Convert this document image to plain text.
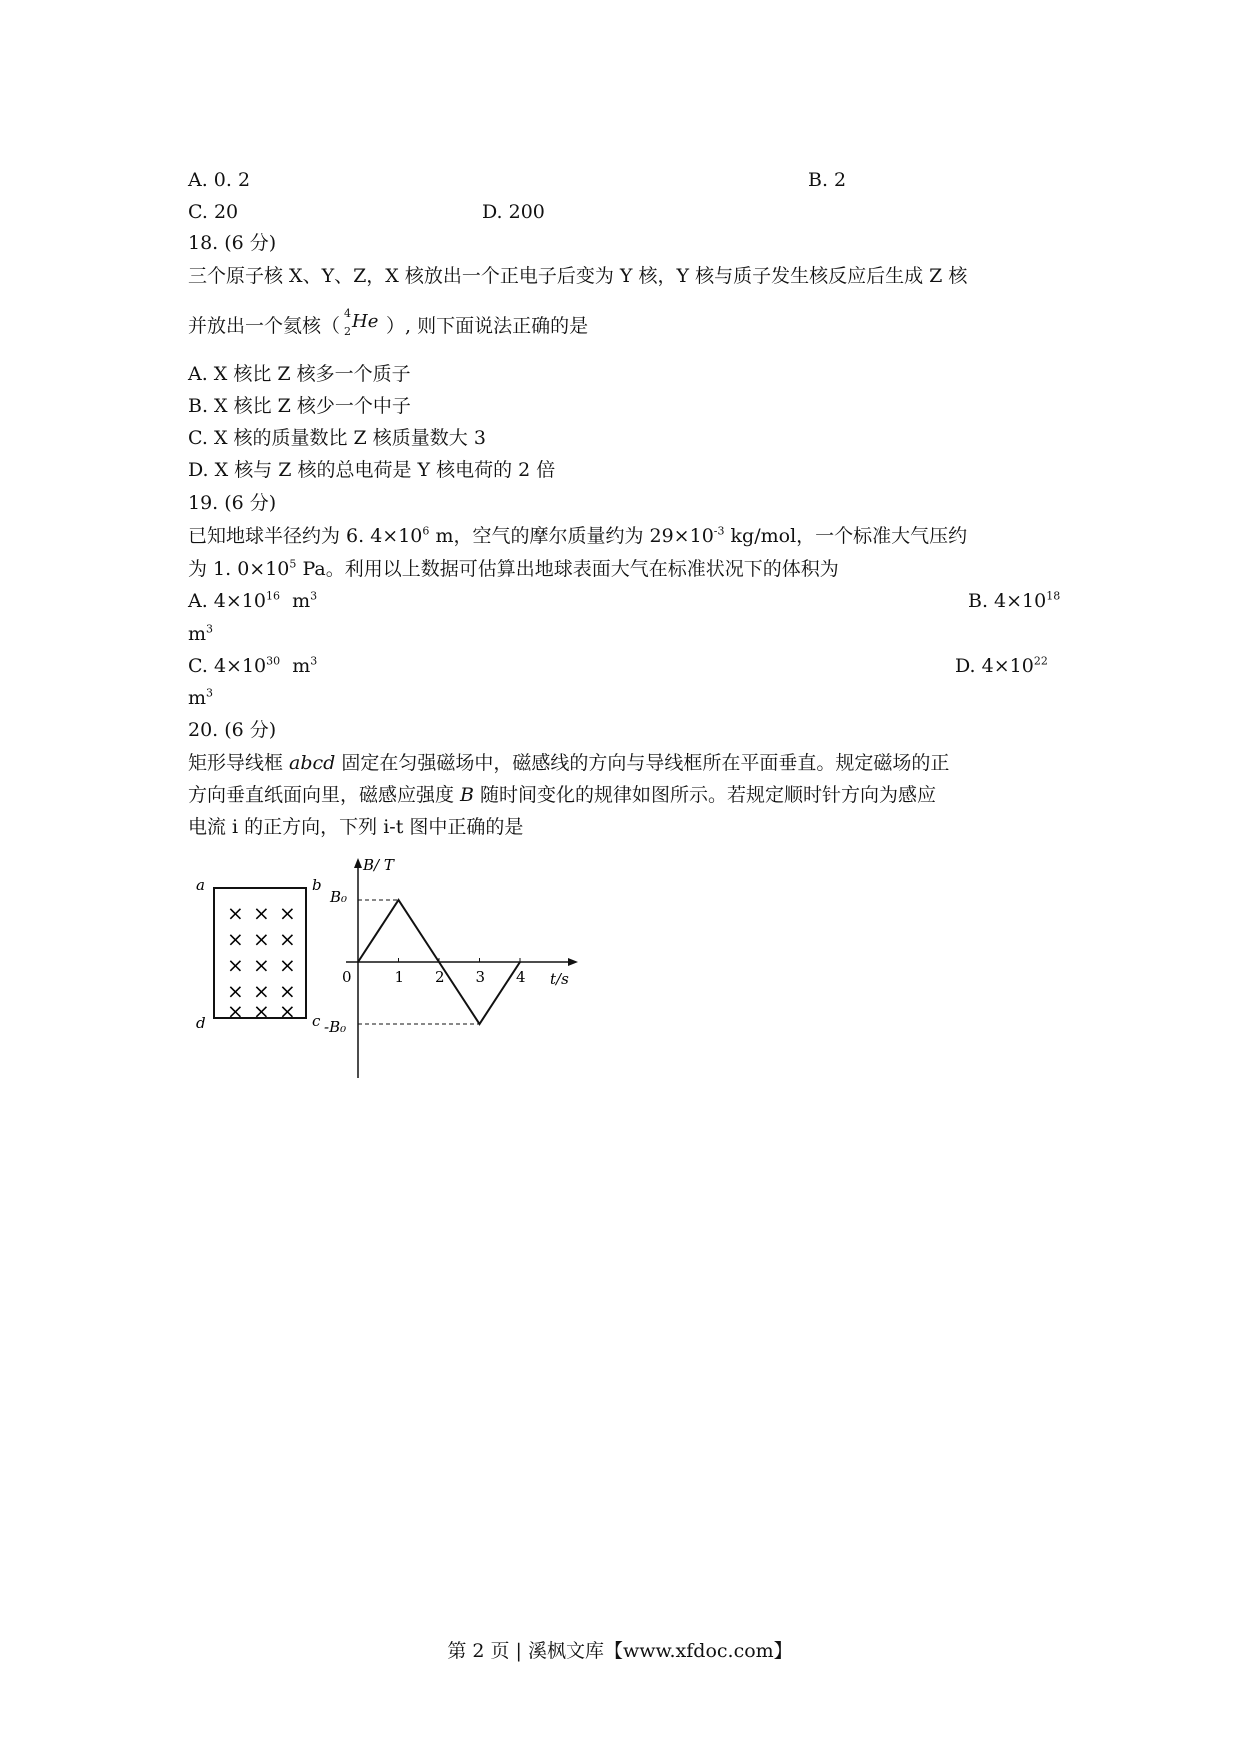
A. 0. 2	B. 2
C. 20	D. 200
18. (6 分)
三个原子核 X、Y、Z，X 核放出一个正电子后变为 Y 核，Y 核与质子发生核反应后生成 Z 核
并放出一个氦核（
4
2 He ）, 则下面说法正确的是
A. X 核比 Z 核多一个质子
B. X 核比 Z 核少一个中子
C. X 核的质量数比 Z 核质量数大 3
D. X 核与 Z 核的总电荷是 Y 核电荷的 2 倍
19. (6 分)
已知地球半径约为 6. $4\times 10^6$ m，空气的摩尔质量约为 $29\times 10^{-3}$ kg/mol，一个标准大气压约
为 1. $0\times 10^5$ Pa。利用以上数据可估算出地球表面大气在标准状况下的体积为
A. $4\times 10^{16}$ $m^3$	B. $4\times 10^{18}$
$m^3$
C. $4\times 10^{30}$ $m^3$	D. $4\times 10^{22}$
$m^3$
20. (6 分)
矩形导线框 abcd 固定在匀强磁场中，磁感线的方向与导线框所在平面垂直。规定磁场的正
方向垂直纸面向里，磁感应强度 B 随时间变化的规律如图所示。若规定顺时针方向为感应
电流 i 的正方向，下列 i-t 图中正确的是
a	b
c
d
× × ×
× × ×
× × ×
× × ×
× × ×
B/ T
t/s
B₀
-B₀
0	1 2 3 4
第 2 页 | 溪枫文库【www.xfdoc.com】
